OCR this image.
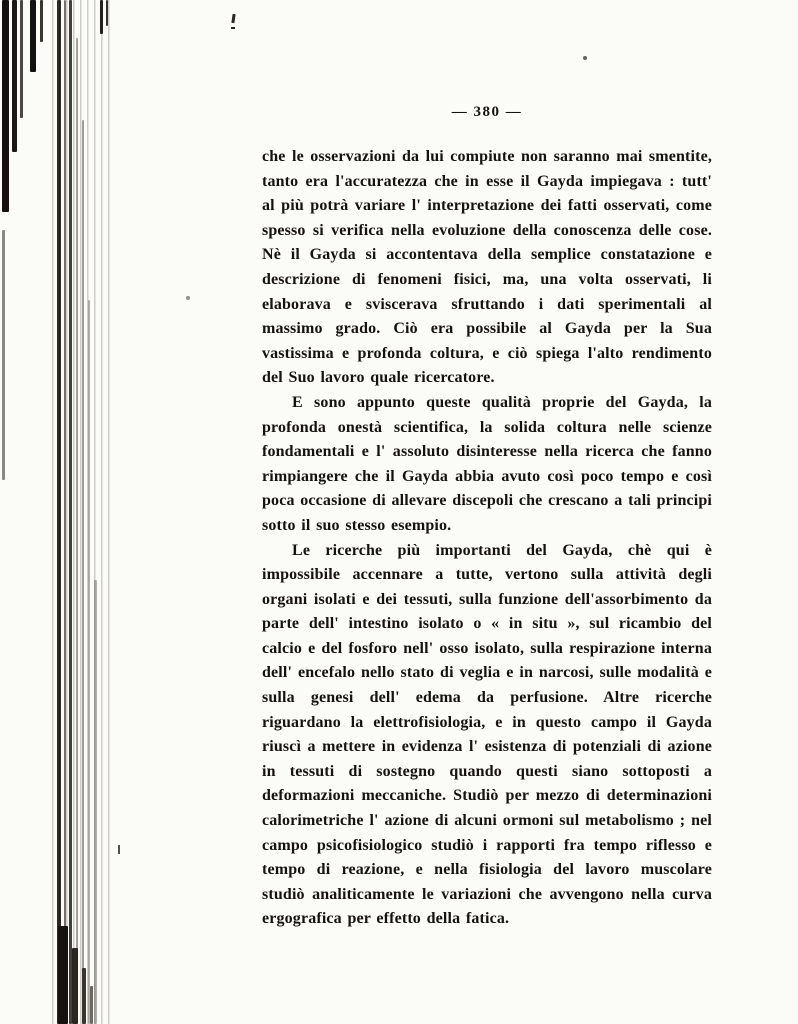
— 380 —

che le osservazioni da lui compiute non saranno mai smentite, tanto era l'accuratezza che in esse il Gayda impiegava : tutt' al più potrà variare l' interpretazione dei fatti osservati, come spesso si verifica nella evoluzione della conoscenza delle cose. Nè il Gayda si accontentava della semplice constatazione e descrizione di fenomeni fisici, ma, una volta osservati, li elaborava e sviscerava sfruttando i dati sperimentali al massimo grado. Ciò era possibile al Gayda per la Sua vastissima e profonda coltura, e ciò spiega l'alto rendimento del Suo lavoro quale ricercatore.

E sono appunto queste qualità proprie del Gayda, la profonda onestà scientifica, la solida coltura nelle scienze fondamentali e l' assoluto disinteresse nella ricerca che fanno rimpiangere che il Gayda abbia avuto così poco tempo e così poca occasione di allevare discepoli che crescano a tali principi sotto il suo stesso esempio.

Le ricerche più importanti del Gayda, chè qui è impossibile accennare a tutte, vertono sulla attività degli organi isolati e dei tessuti, sulla funzione dell'assorbimento da parte dell' intestino isolato o « in situ », sul ricambio del calcio e del fosforo nell' osso isolato, sulla respirazione interna dell' encefalo nello stato di veglia e in narcosi, sulle modalità e sulla genesi dell' edema da perfusione. Altre ricerche riguardano la elettrofisiologia, e in questo campo il Gayda riuscì a mettere in evidenza l' esistenza di potenziali di azione in tessuti di sostegno quando questi siano sottoposti a deformazioni meccaniche. Studiò per mezzo di determinazioni calorimetriche l' azione di alcuni ormoni sul metabolismo ; nel campo psicofisiologico studiò i rapporti fra tempo riflesso e tempo di reazione, e nella fisiologia del lavoro muscolare studiò analiticamente le variazioni che avvengono nella curva ergografica per effetto della fatica.
